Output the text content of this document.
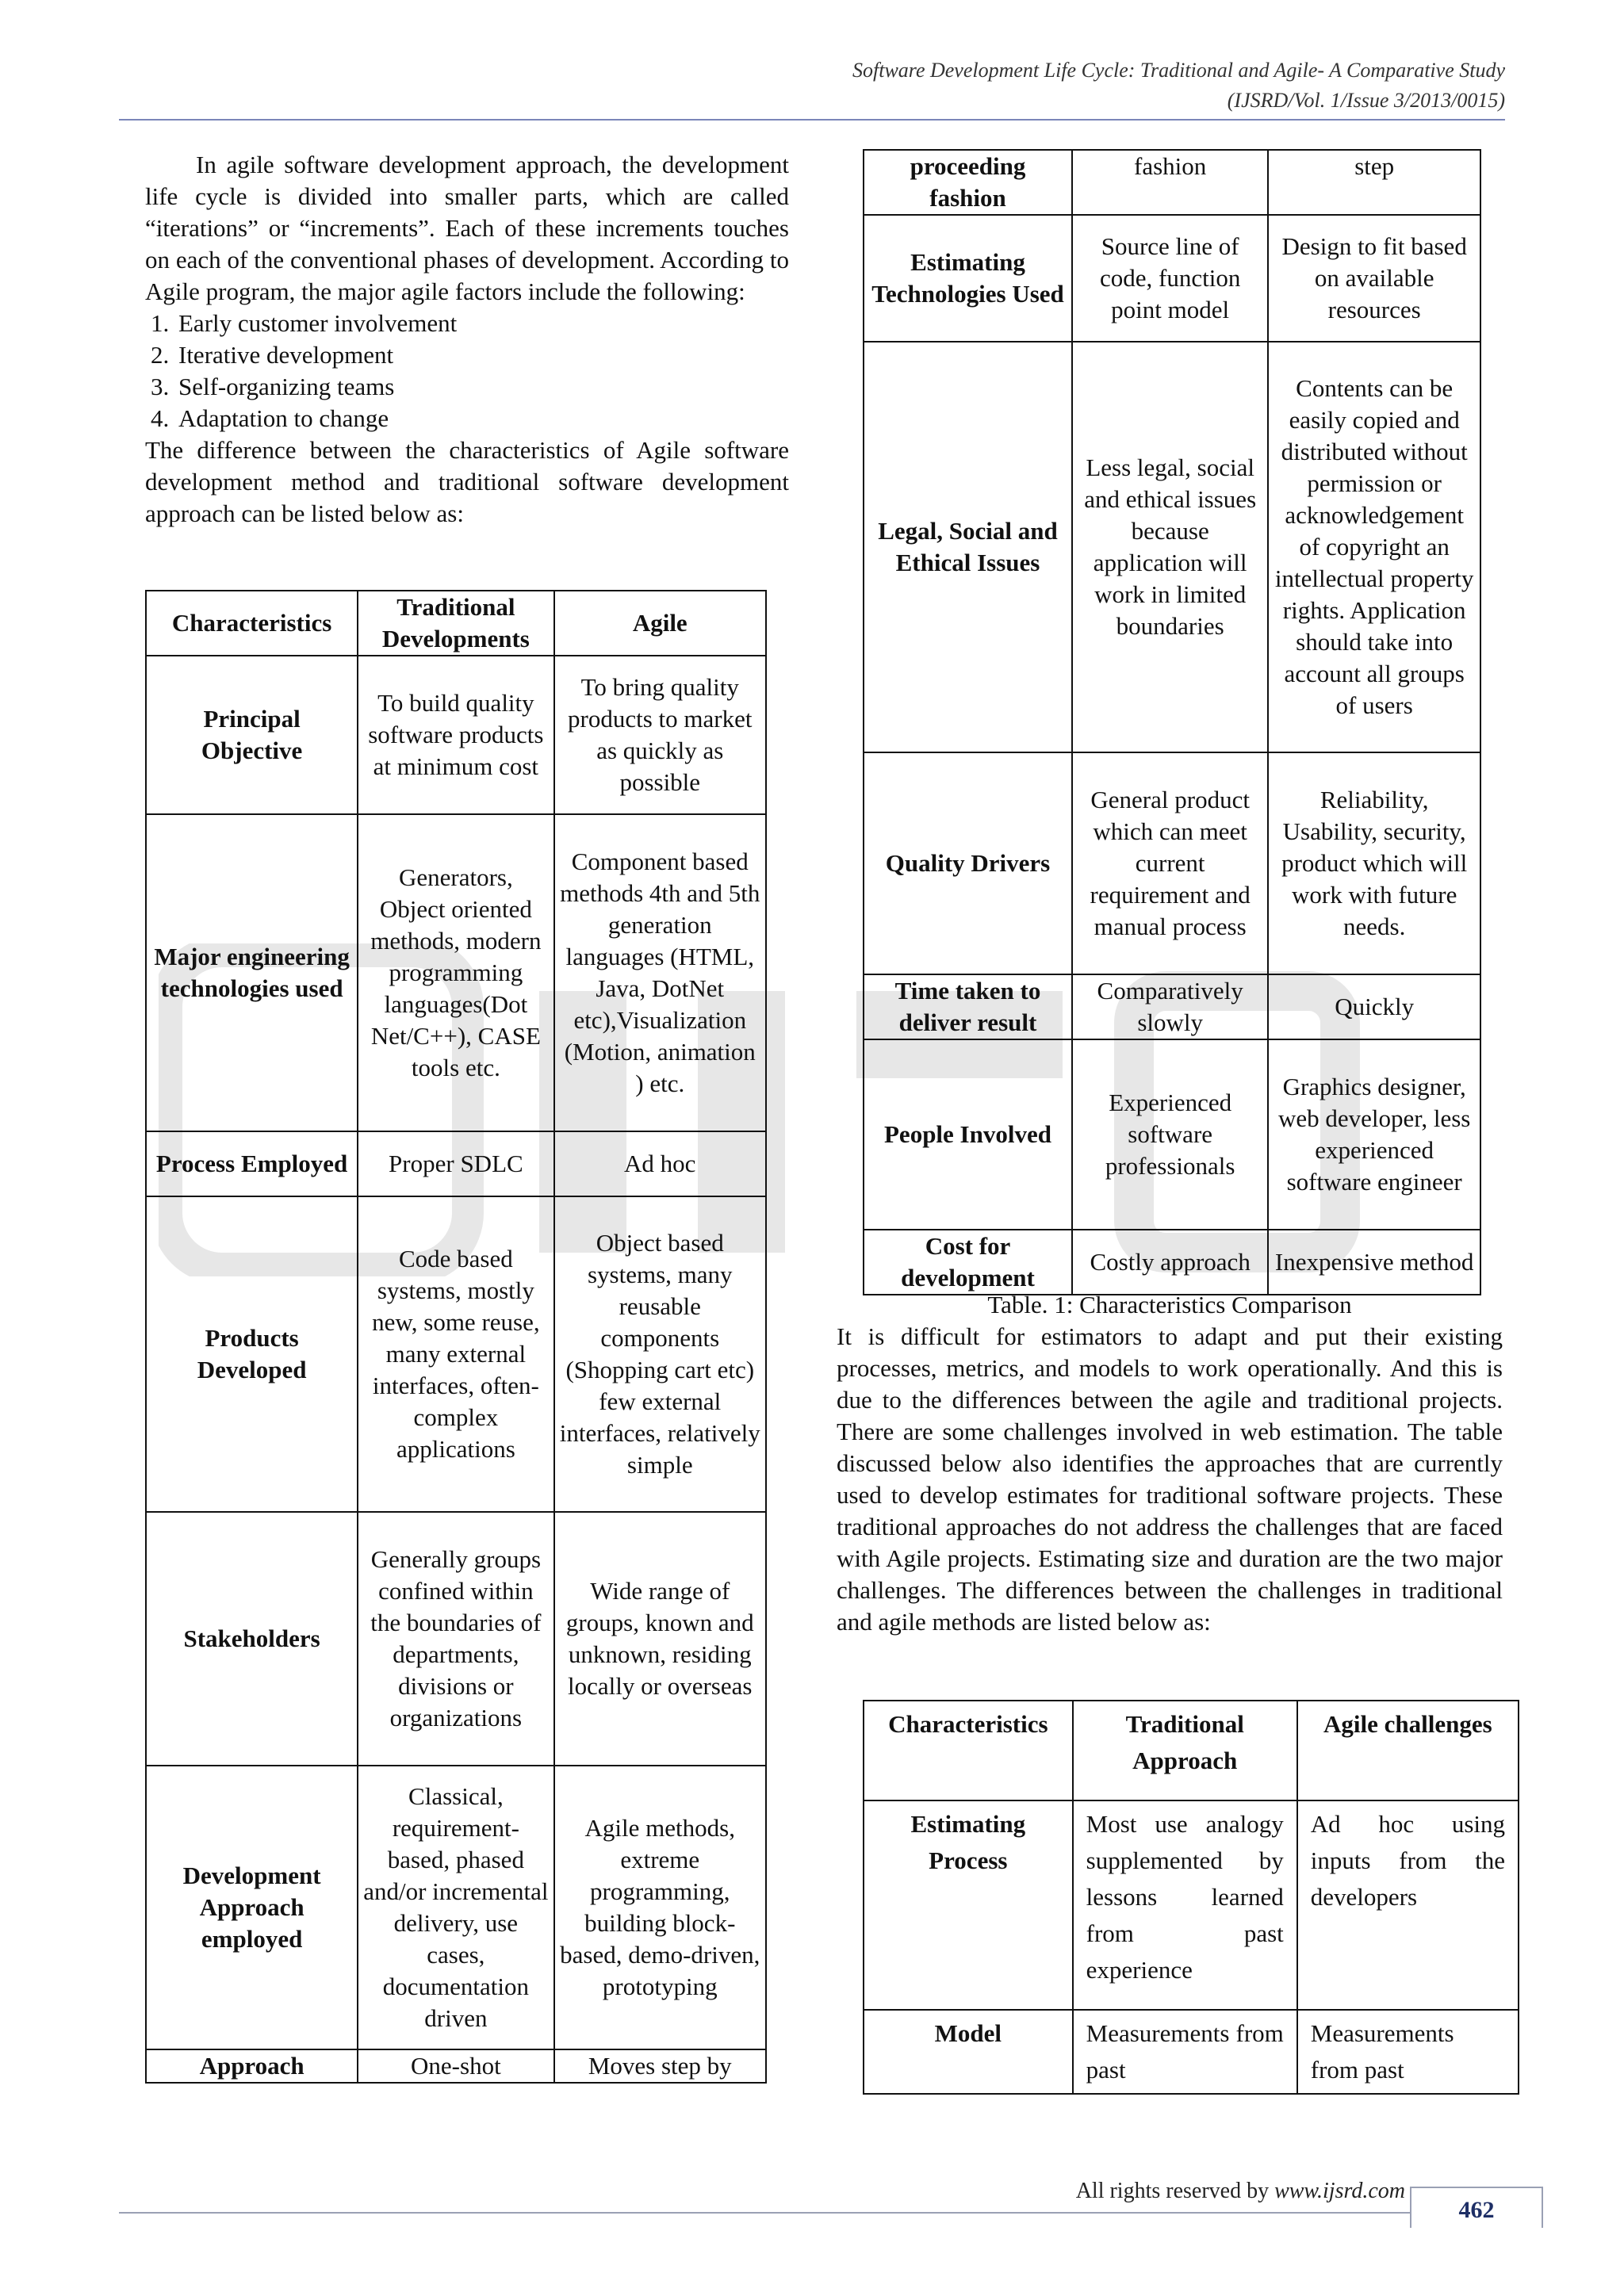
Software Development Life Cycle: Traditional and Agile- A Comparative Study
(IJSRD/Vol. 1/Issue 3/2013/0015)

In agile software development approach, the development life cycle is divided into smaller parts, which are called “iterations” or “increments”. Each of these increments touches on each of the conventional phases of development. According to Agile program, the major agile factors include the following:

1. Early customer involvement
2. Iterative development
3. Self-organizing teams
4. Adaptation to change

The difference between the characteristics of Agile software development method and traditional software development approach can be listed below as:

Characteristics	Traditional Developments	Agile
Principal Objective	To build quality software products at minimum cost	To bring quality products to market as quickly as possible
Major engineering technologies used	Generators, Object oriented methods, modern programming languages(Dot Net/C++), CASE tools etc.	Component based methods 4th and 5th generation languages (HTML, Java, DotNet etc),Visualization (Motion, animation ) etc.
Process Employed	Proper SDLC	Ad hoc
Products Developed	Code based systems, mostly new, some reuse, many external interfaces, often-complex applications	Object based systems, many reusable components (Shopping cart etc) few external interfaces, relatively simple
Stakeholders	Generally groups confined within the boundaries of departments, divisions or organizations	Wide range of groups, known and unknown, residing locally or overseas
Development Approach employed	Classical, requirement-based, phased and/or incremental delivery, use cases, documentation driven	Agile methods, extreme programming, building block-based, demo-driven, prototyping
Approach	One-shot	Moves step by
proceeding fashion	fashion	step
Estimating Technologies Used	Source line of code, function point model	Design to fit based on available resources
Legal, Social and Ethical Issues	Less legal, social and ethical issues because application will work in limited boundaries	Contents can be easily copied and distributed without permission or acknowledgement of copyright an intellectual property rights. Application should take into account all groups of users
Quality Drivers	General product which can meet current requirement and manual process	Reliability, Usability, security, product which will work with future needs.
Time taken to deliver result	Comparatively slowly	Quickly
People Involved	Experienced software professionals	Graphics designer, web developer, less experienced software engineer
Cost for development	Costly approach	Inexpensive method
Table. 1: Characteristics Comparison

It is difficult for estimators to adapt and put their existing processes, metrics, and models to work operationally. And this is due to the differences between the agile and traditional projects. There are some challenges involved in web estimation. The table discussed below also identifies the approaches that are currently used to develop estimates for traditional software projects. These traditional approaches do not address the challenges that are faced with Agile projects. Estimating size and duration are the two major challenges. The differences between the challenges in traditional and agile methods are listed below as:

Characteristics	Traditional Approach	Agile challenges
Estimating Process	Most use analogy supplemented by lessons learned from past experience	Ad hoc using inputs from the developers
Model	Measurements from past	Measurements from past
All rights reserved by www.ijsrd.com
462
